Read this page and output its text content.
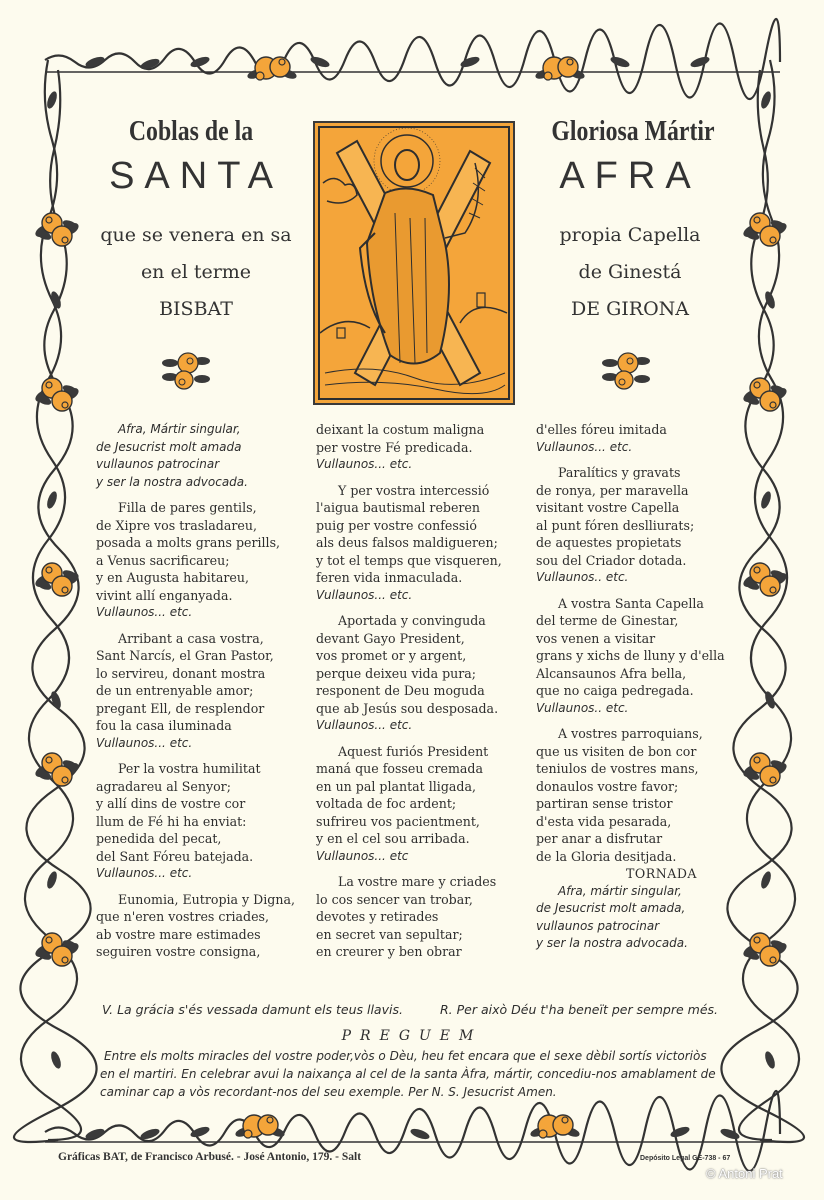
Coblas de la
SANTA
que se venera en sa
en el terme
BISBAT
Gloriosa Mártir
AFRA
propia Capella
de Ginestá
DE GIRONA
Afra, Mártir singular,
de Jesucrist molt amada
vullaunos patrocinar
y ser la nostra advocada.
Filla de pares gentils,
de Xipre vos trasladareu,
posada a molts grans perills,
a Venus sacrificareu;
y en Augusta habitareu,
vivint allí enganyada.
Vullaunos... etc.
Arribant a casa vostra,
Sant Narcís, el Gran Pastor,
lo servireu, donant mostra
de un entrenyable amor;
pregant Ell, de resplendor
fou la casa iluminada
Vullaunos... etc.
Per la vostra humilitat
agradareu al Senyor;
y allí dins de vostre cor
llum de Fé hi ha enviat:
penedida del pecat,
del Sant Fóreu batejada.
Vullaunos... etc.
Eunomia, Eutropia y Digna,
que n'eren vostres criades,
ab vostre mare estimades
seguiren vostre consigna,
deixant la costum maligna
per vostre Fé predicada.
Vullaunos... etc.
Y per vostra intercessió
l'aigua bautismal reberen
puig per vostre confessió
als deus falsos maldigueren;
y tot el temps que visqueren,
feren vida inmaculada.
Vullaunos... etc.
Aportada y convinguda
devant Gayo President,
vos promet or y argent,
perque deixeu vida pura;
responent de Deu moguda
que ab Jesús sou desposada.
Vullaunos... etc.
Aquest furiós President
maná que fosseu cremada
en un pal plantat lligada,
voltada de foc ardent;
sufrireu vos pacientment,
y en el cel sou arribada.
Vullaunos... etc
La vostre mare y criades
lo cos sencer van trobar,
devotes y retirades
en secret van sepultar;
en creurer y ben obrar
d'elles fóreu imitada
Vullaunos... etc.
Paralítics y gravats
de ronya, per maravella
visitant vostre Capella
al punt fóren deslliurats;
de aquestes propietats
sou del Criador dotada.
Vullaunos.. etc.
A vostra Santa Capella
del terme de Ginestar,
vos venen a visitar
grans y xichs de lluny y d'ella
Alcansaunos Afra bella,
que no caiga pedregada.
Vullaunos.. etc.
A vostres parroquians,
que us visiten de bon cor
teniulos de vostres mans,
donaulos vostre favor;
partiran sense tristor
d'esta vida pesarada,
per anar a disfrutar
de la Gloria desitjada.
TORNADA
Afra, mártir singular,
de Jesucrist molt amada,
vullaunos patrocinar
y ser la nostra advocada.
V. La grácia s'és vessada damunt els teus llavis.	R. Per això Déu t'ha beneït per sempre més.
PREGUEM
Entre els molts miracles del vostre poder,vòs o Dèu, heu fet encara que el sexe dèbil sortís victoriòs
en el martiri. En celebrar avui la naixança al cel de la santa Àfra, mártir, concediu-nos amablament de
caminar cap a vòs recordant-nos del seu exemple. Per N. S. Jesucrist Amen.
Gráficas BAT, de Francisco Arbusé. - José Antonio, 179. - Salt	Depósito Legal GE-738 - 67
© Antoni Prat
